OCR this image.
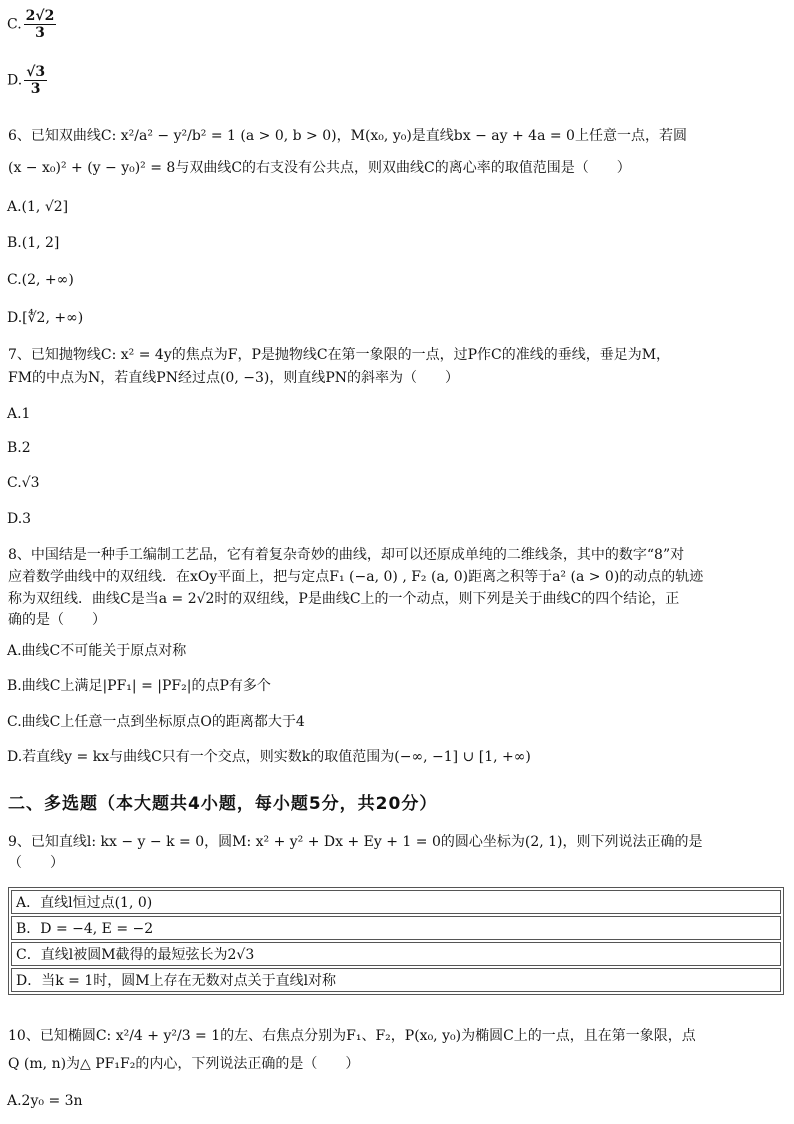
C. $\frac{2√2}{3}$
D. $\frac{√3}{3}$
6、已知双曲线C: x²/a² − y²/b² = 1 (a > 0, b > 0)，M(x₀, y₀)是直线bx − ay + 4a = 0上任意一点，若圆
(x − x₀)² + (y − y₀)² = 8与双曲线C的右支没有公共点，则双曲线C的离心率的取值范围是（　　）
A.(1, √2]
B.(1, 2]
C.(2, +∞)
D.[∜2, +∞)
7、已知抛物线C: x² = 4y的焦点为F，P是抛物线C在第一象限的一点，过P作C的准线的垂线，垂足为M，
FM的中点为N，若直线PN经过点(0, −3)，则直线PN的斜率为（　　）
A.1
B.2
C.√3
D.3
8、中国结是一种手工编制工艺品，它有着复杂奇妙的曲线，却可以还原成单纯的二维线条，其中的数字“8”对
应着数学曲线中的双纽线．在xOy平面上，把与定点F₁ (−a, 0) , F₂ (a, 0)距离之积等于a² (a > 0)的动点的轨迹
称为双纽线．曲线C是当a = 2√2时的双纽线，P是曲线C上的一个动点，则下列是关于曲线C的四个结论，正
确的是（　　）
A.曲线C不可能关于原点对称
B.曲线C上满足|PF₁| = |PF₂|的点P有多个
C.曲线C上任意一点到坐标原点O的距离都大于4
D.若直线y = kx与曲线C只有一个交点，则实数k的取值范围为(−∞, −1] ∪ [1, +∞)
二、多选题（本大题共4小题，每小题5分，共20分）
9、已知直线l: kx − y − k = 0，圆M: x² + y² + Dx + Ey + 1 = 0的圆心坐标为(2, 1)，则下列说法正确的是
（　　）
A．直线l恒过点(1, 0)
B．D = −4, E = −2
C．直线l被圆M截得的最短弦长为2√3
D．当k = 1时，圆M上存在无数对点关于直线l对称
10、已知椭圆C: x²/4 + y²/3 = 1的左、右焦点分别为F₁、F₂，P(x₀, y₀)为椭圆C上的一点，且在第一象限，点
Q (m, n)为△ PF₁F₂的内心，下列说法正确的是（　　）
A.2y₀ = 3n
